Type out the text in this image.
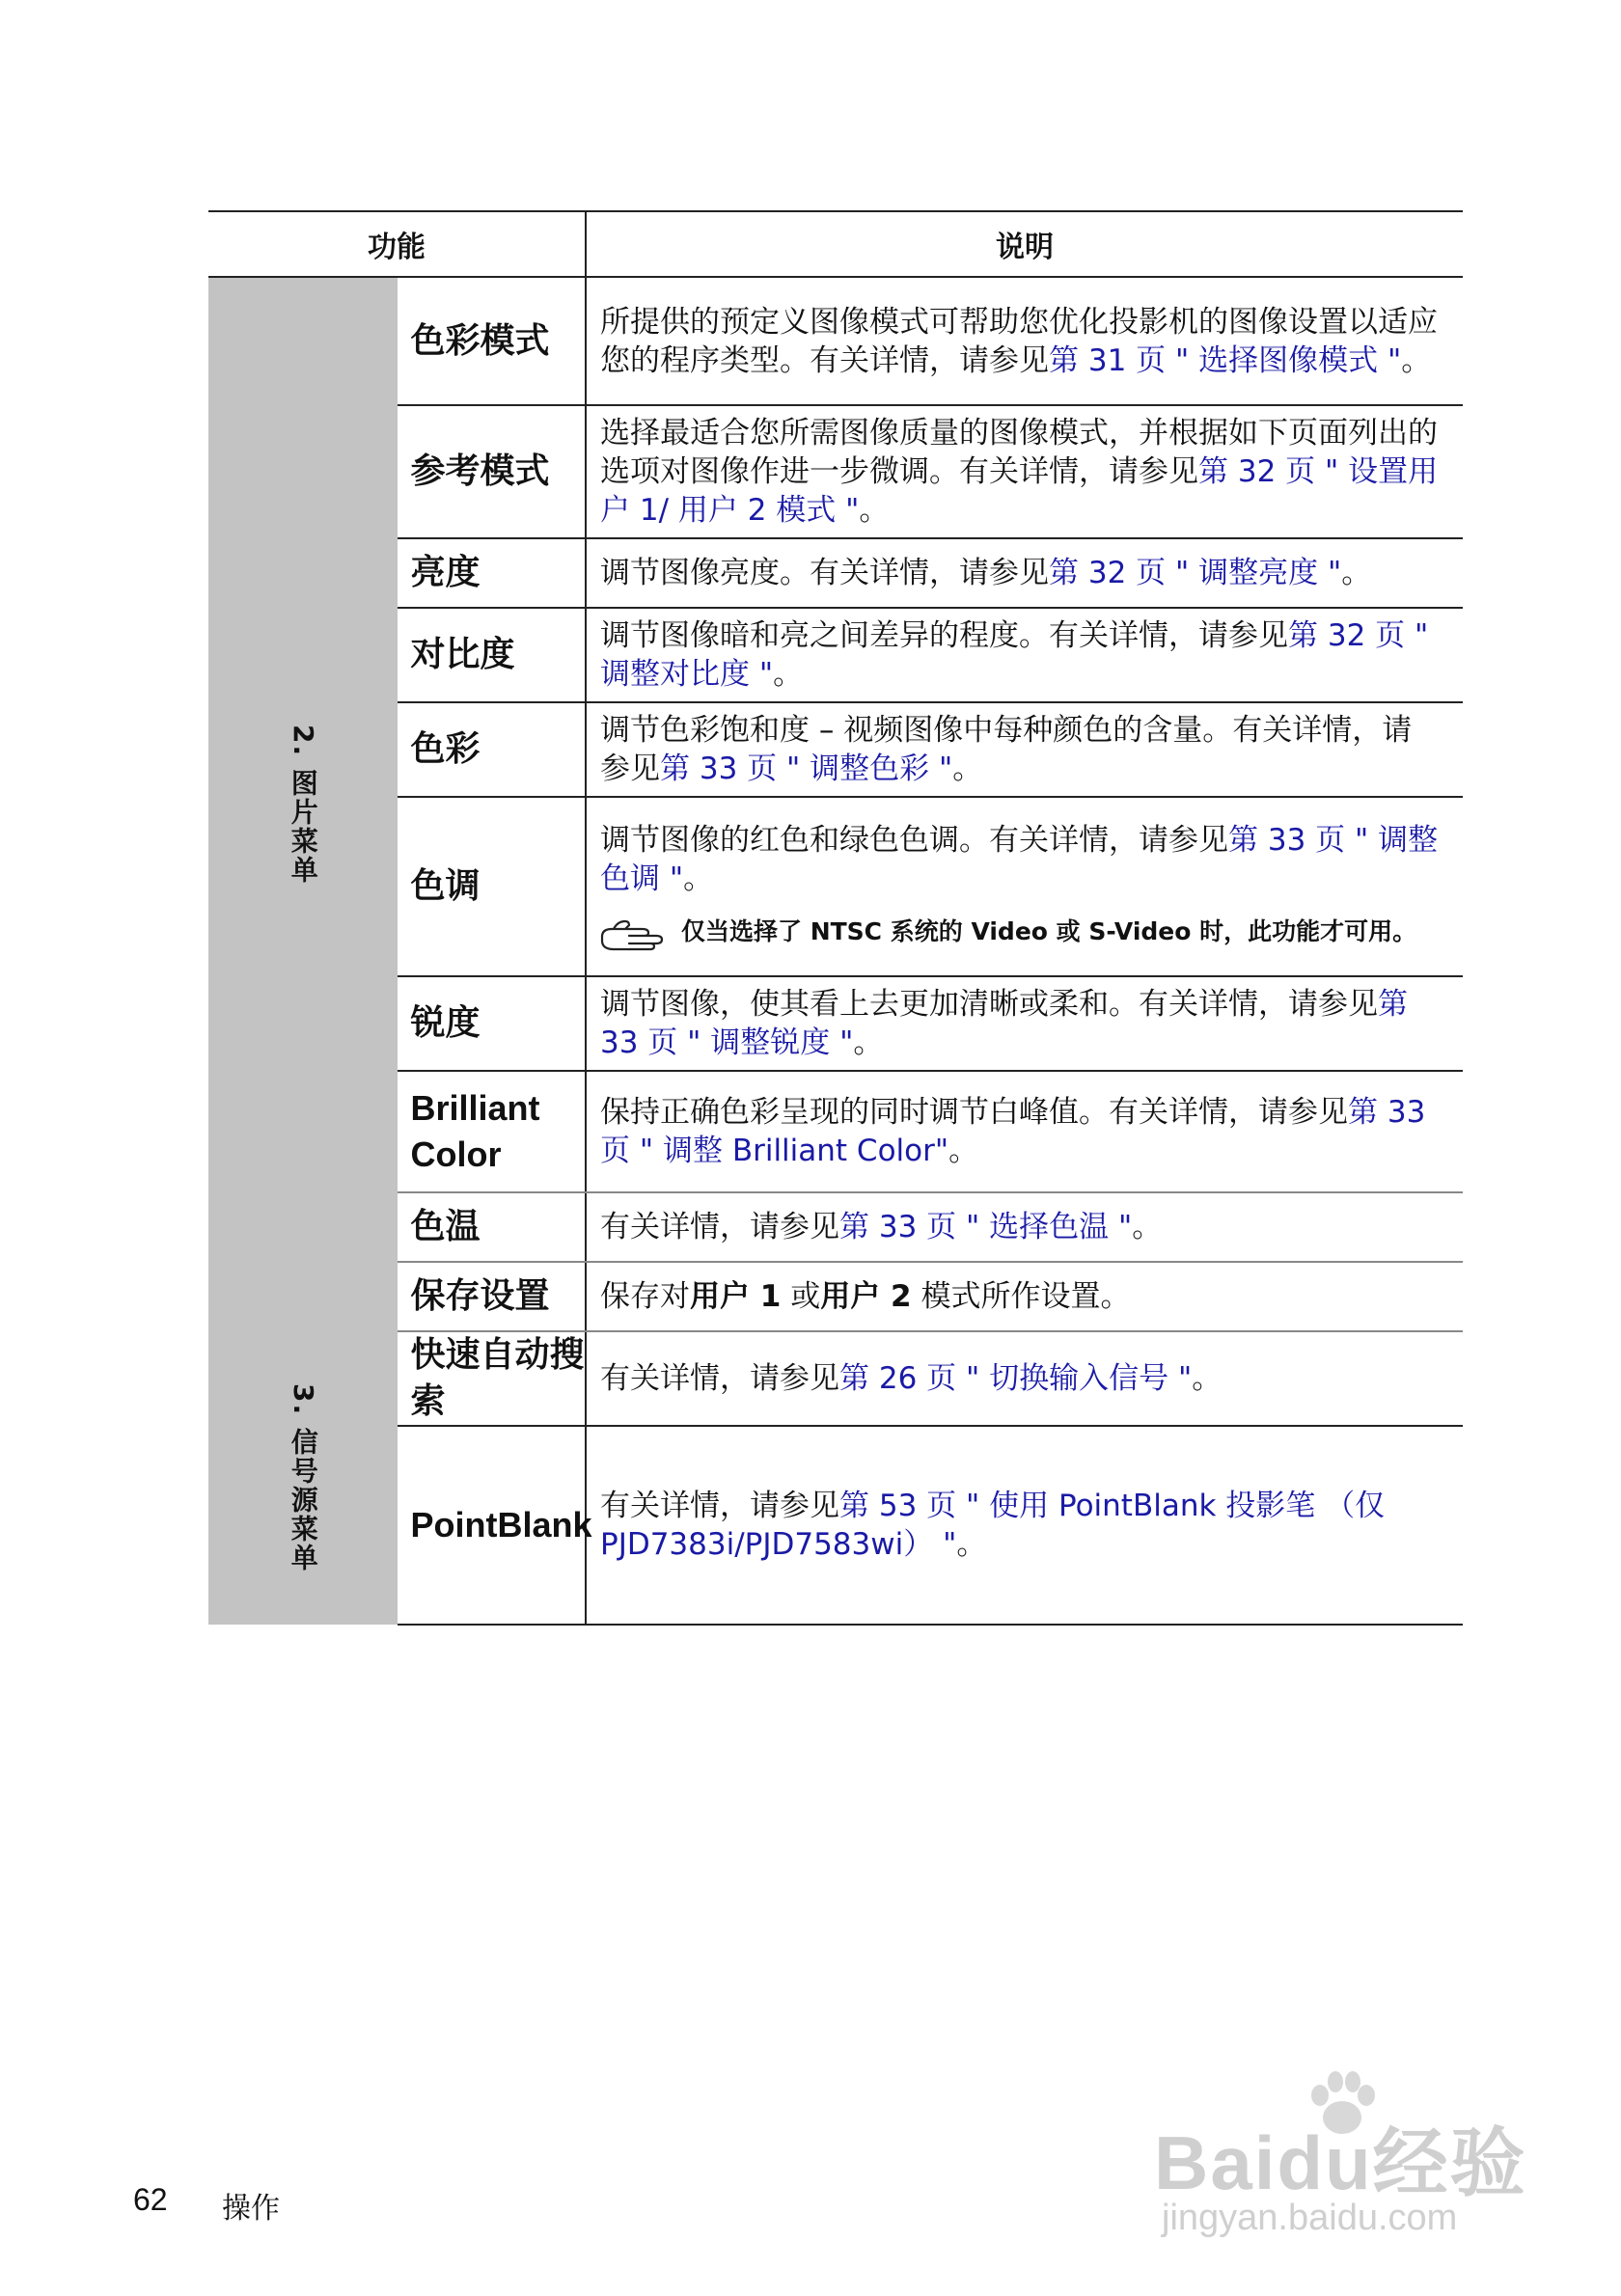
功能		说明

2. 图片菜单	色彩模式	所提供的预定义图像模式可帮助您优化投影机的图像设置以适应您的程序类型。有关详情，请参见第 31 页 " 选择图像模式 "。
	参考模式	选择最适合您所需图像质量的图像模式，并根据如下页面列出的选项对图像作进一步微调。有关详情，请参见第 32 页 " 设置用户 1/ 用户 2 模式 "。
	亮度	调节图像亮度。有关详情，请参见第 32 页 " 调整亮度 "。
	对比度	调节图像暗和亮之间差异的程度。有关详情，请参见第 32 页 " 调整对比度 "。
	色彩	调节色彩饱和度 – 视频图像中每种颜色的含量。有关详情，请参见第 33 页 " 调整色彩 "。
	色调	调节图像的红色和绿色色调。有关详情，请参见第 33 页 " 调整色调 "。
仅当选择了 NTSC 系统的 Video 或 S-Video 时，此功能才可用。

	锐度	调节图像，使其看上去更加清晰或柔和。有关详情，请参见第 33 页 " 调整锐度 "。
	Brilliant Color	保持正确色彩呈现的同时调节白峰值。有关详情，请参见第 33 页 " 调整 Brilliant Color"。
	色温	有关详情，请参见第 33 页 " 选择色温 "。
	保存设置	保存对用户 1 或用户 2 模式所作设置。

3. 信号源菜单	快速自动搜索	有关详情，请参见第 26 页 " 切换输入信号 "。
	PointBlank	有关详情，请参见第 53 页 " 使用 PointBlank 投影笔 （仅 PJD7383i/PJD7583wi） "。
62 操作
Baidu经验
jingyan.baidu.com
